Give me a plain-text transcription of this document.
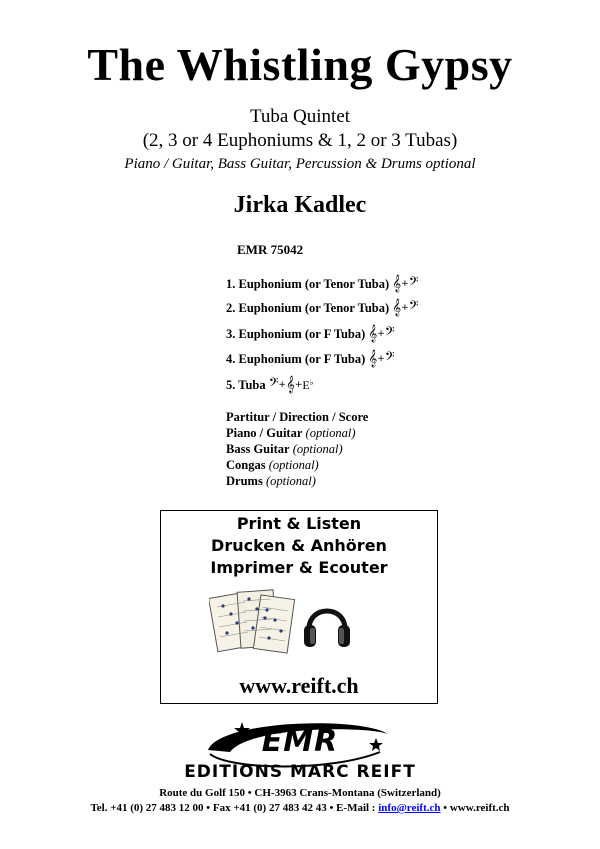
The Whistling Gypsy
Tuba Quintet
(2, 3 or 4 Euphoniums & 1, 2 or 3 Tubas)
Piano / Guitar, Bass Guitar, Percussion & Drums optional
Jirka Kadlec
EMR 75042
1. Euphonium (or Tenor Tuba) 𝄞+𝄢
2. Euphonium (or Tenor Tuba) 𝄞+𝄢
3. Euphonium (or F Tuba) 𝄞+𝄢
4. Euphonium (or F Tuba) 𝄞+𝄢
5. Tuba 𝄢+𝄞+E♭
Partitur / Direction / Score
Piano / Guitar (optional)
Bass Guitar (optional)
Congas (optional)
Drums (optional)
Print & Listen
Drucken & Anhören
Imprimer & Ecouter
www.reift.ch
EMR
EDITIONS MARC REIFT
Route du Golf 150 • CH-3963 Crans-Montana (Switzerland)
Tel. +41 (0) 27 483 12 00 • Fax +41 (0) 27 483 42 43 • E-Mail : info@reift.ch • www.reift.ch
